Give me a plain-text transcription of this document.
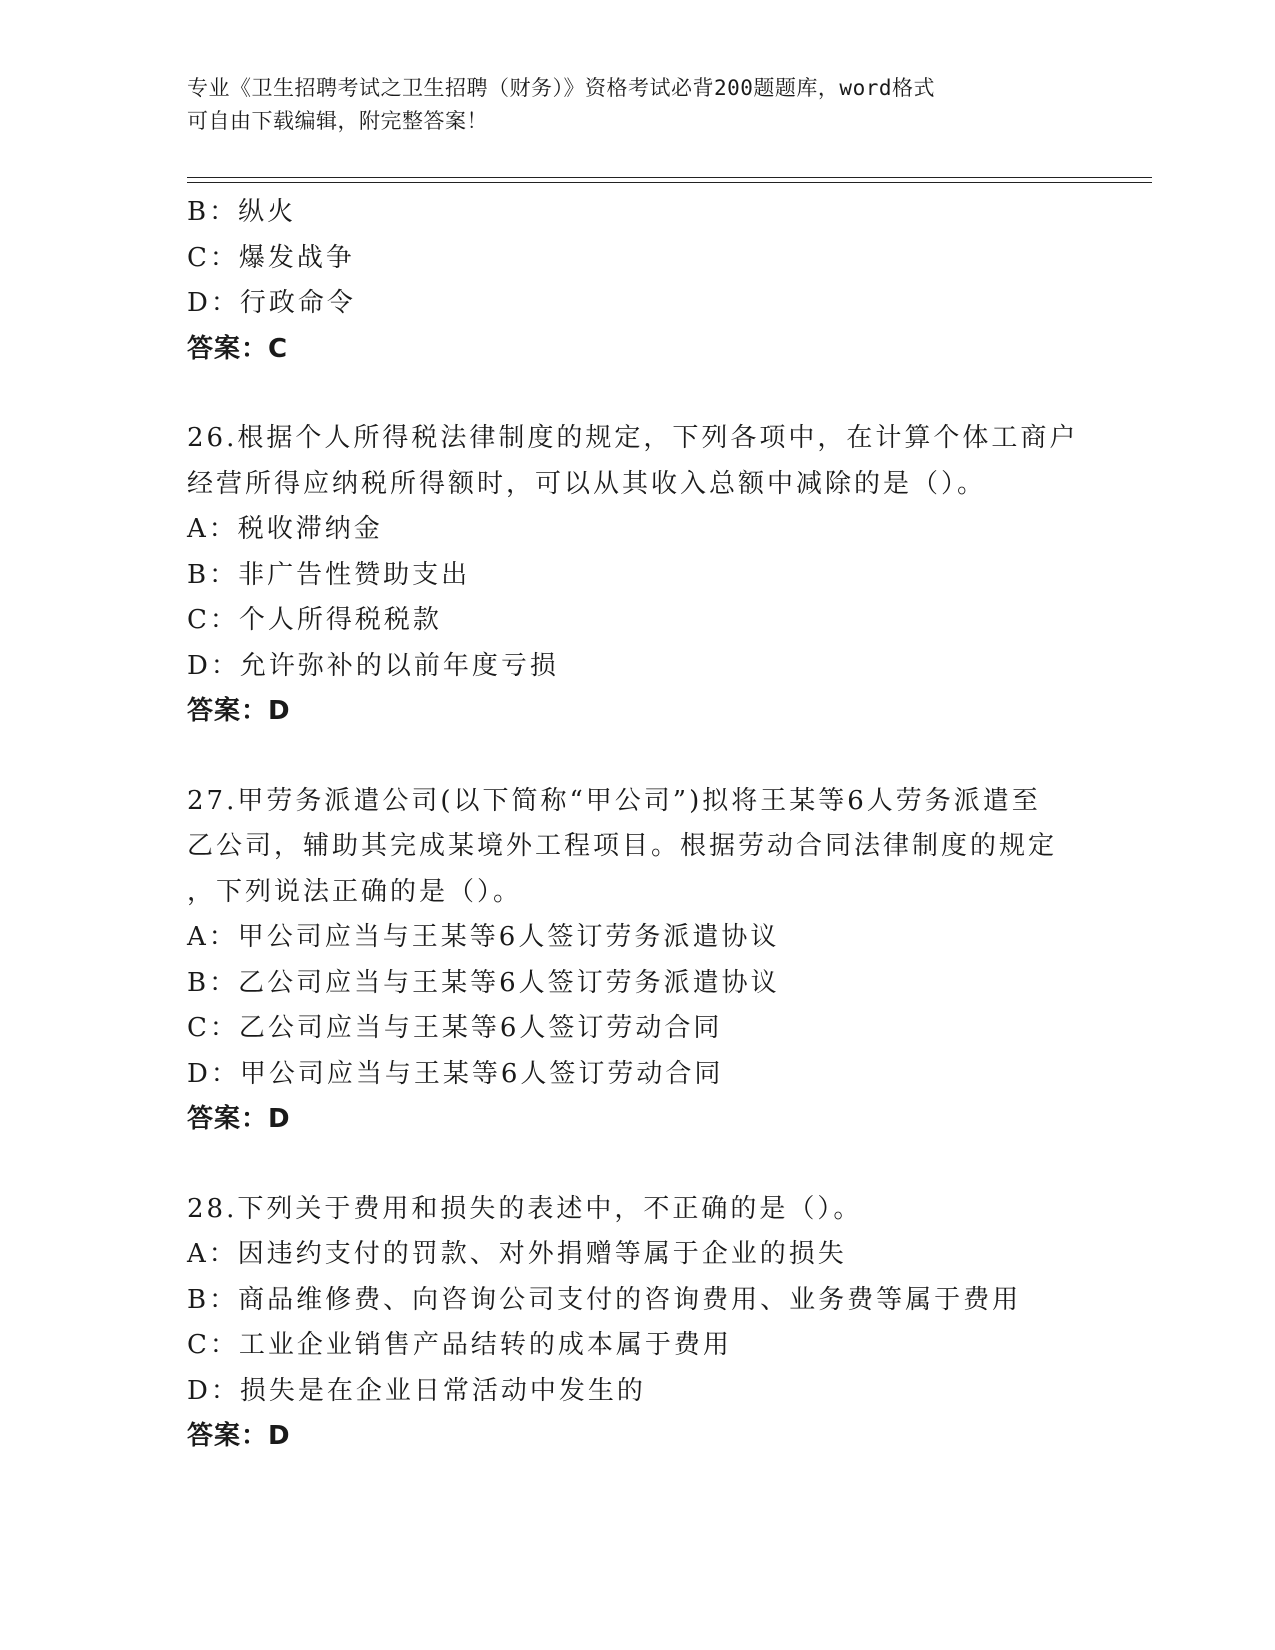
专业《卫生招聘考试之卫生招聘（财务）》资格考试必背200题题库，word格式
可自由下载编辑，附完整答案！
B：纵火
C：爆发战争
D：行政命令
答案：C
26.根据个人所得税法律制度的规定，下列各项中，在计算个体工商户
经营所得应纳税所得额时，可以从其收入总额中减除的是（）。
A：税收滞纳金
B：非广告性赞助支出
C：个人所得税税款
D：允许弥补的以前年度亏损
答案：D
27.甲劳务派遣公司(以下简称“甲公司”)拟将王某等6人劳务派遣至
乙公司，辅助其完成某境外工程项目。根据劳动合同法律制度的规定
，下列说法正确的是（）。
A：甲公司应当与王某等6人签订劳务派遣协议
B：乙公司应当与王某等6人签订劳务派遣协议
C：乙公司应当与王某等6人签订劳动合同
D：甲公司应当与王某等6人签订劳动合同
答案：D
28.下列关于费用和损失的表述中，不正确的是（）。
A：因违约支付的罚款、对外捐赠等属于企业的损失
B：商品维修费、向咨询公司支付的咨询费用、业务费等属于费用
C：工业企业销售产品结转的成本属于费用
D：损失是在企业日常活动中发生的
答案：D
